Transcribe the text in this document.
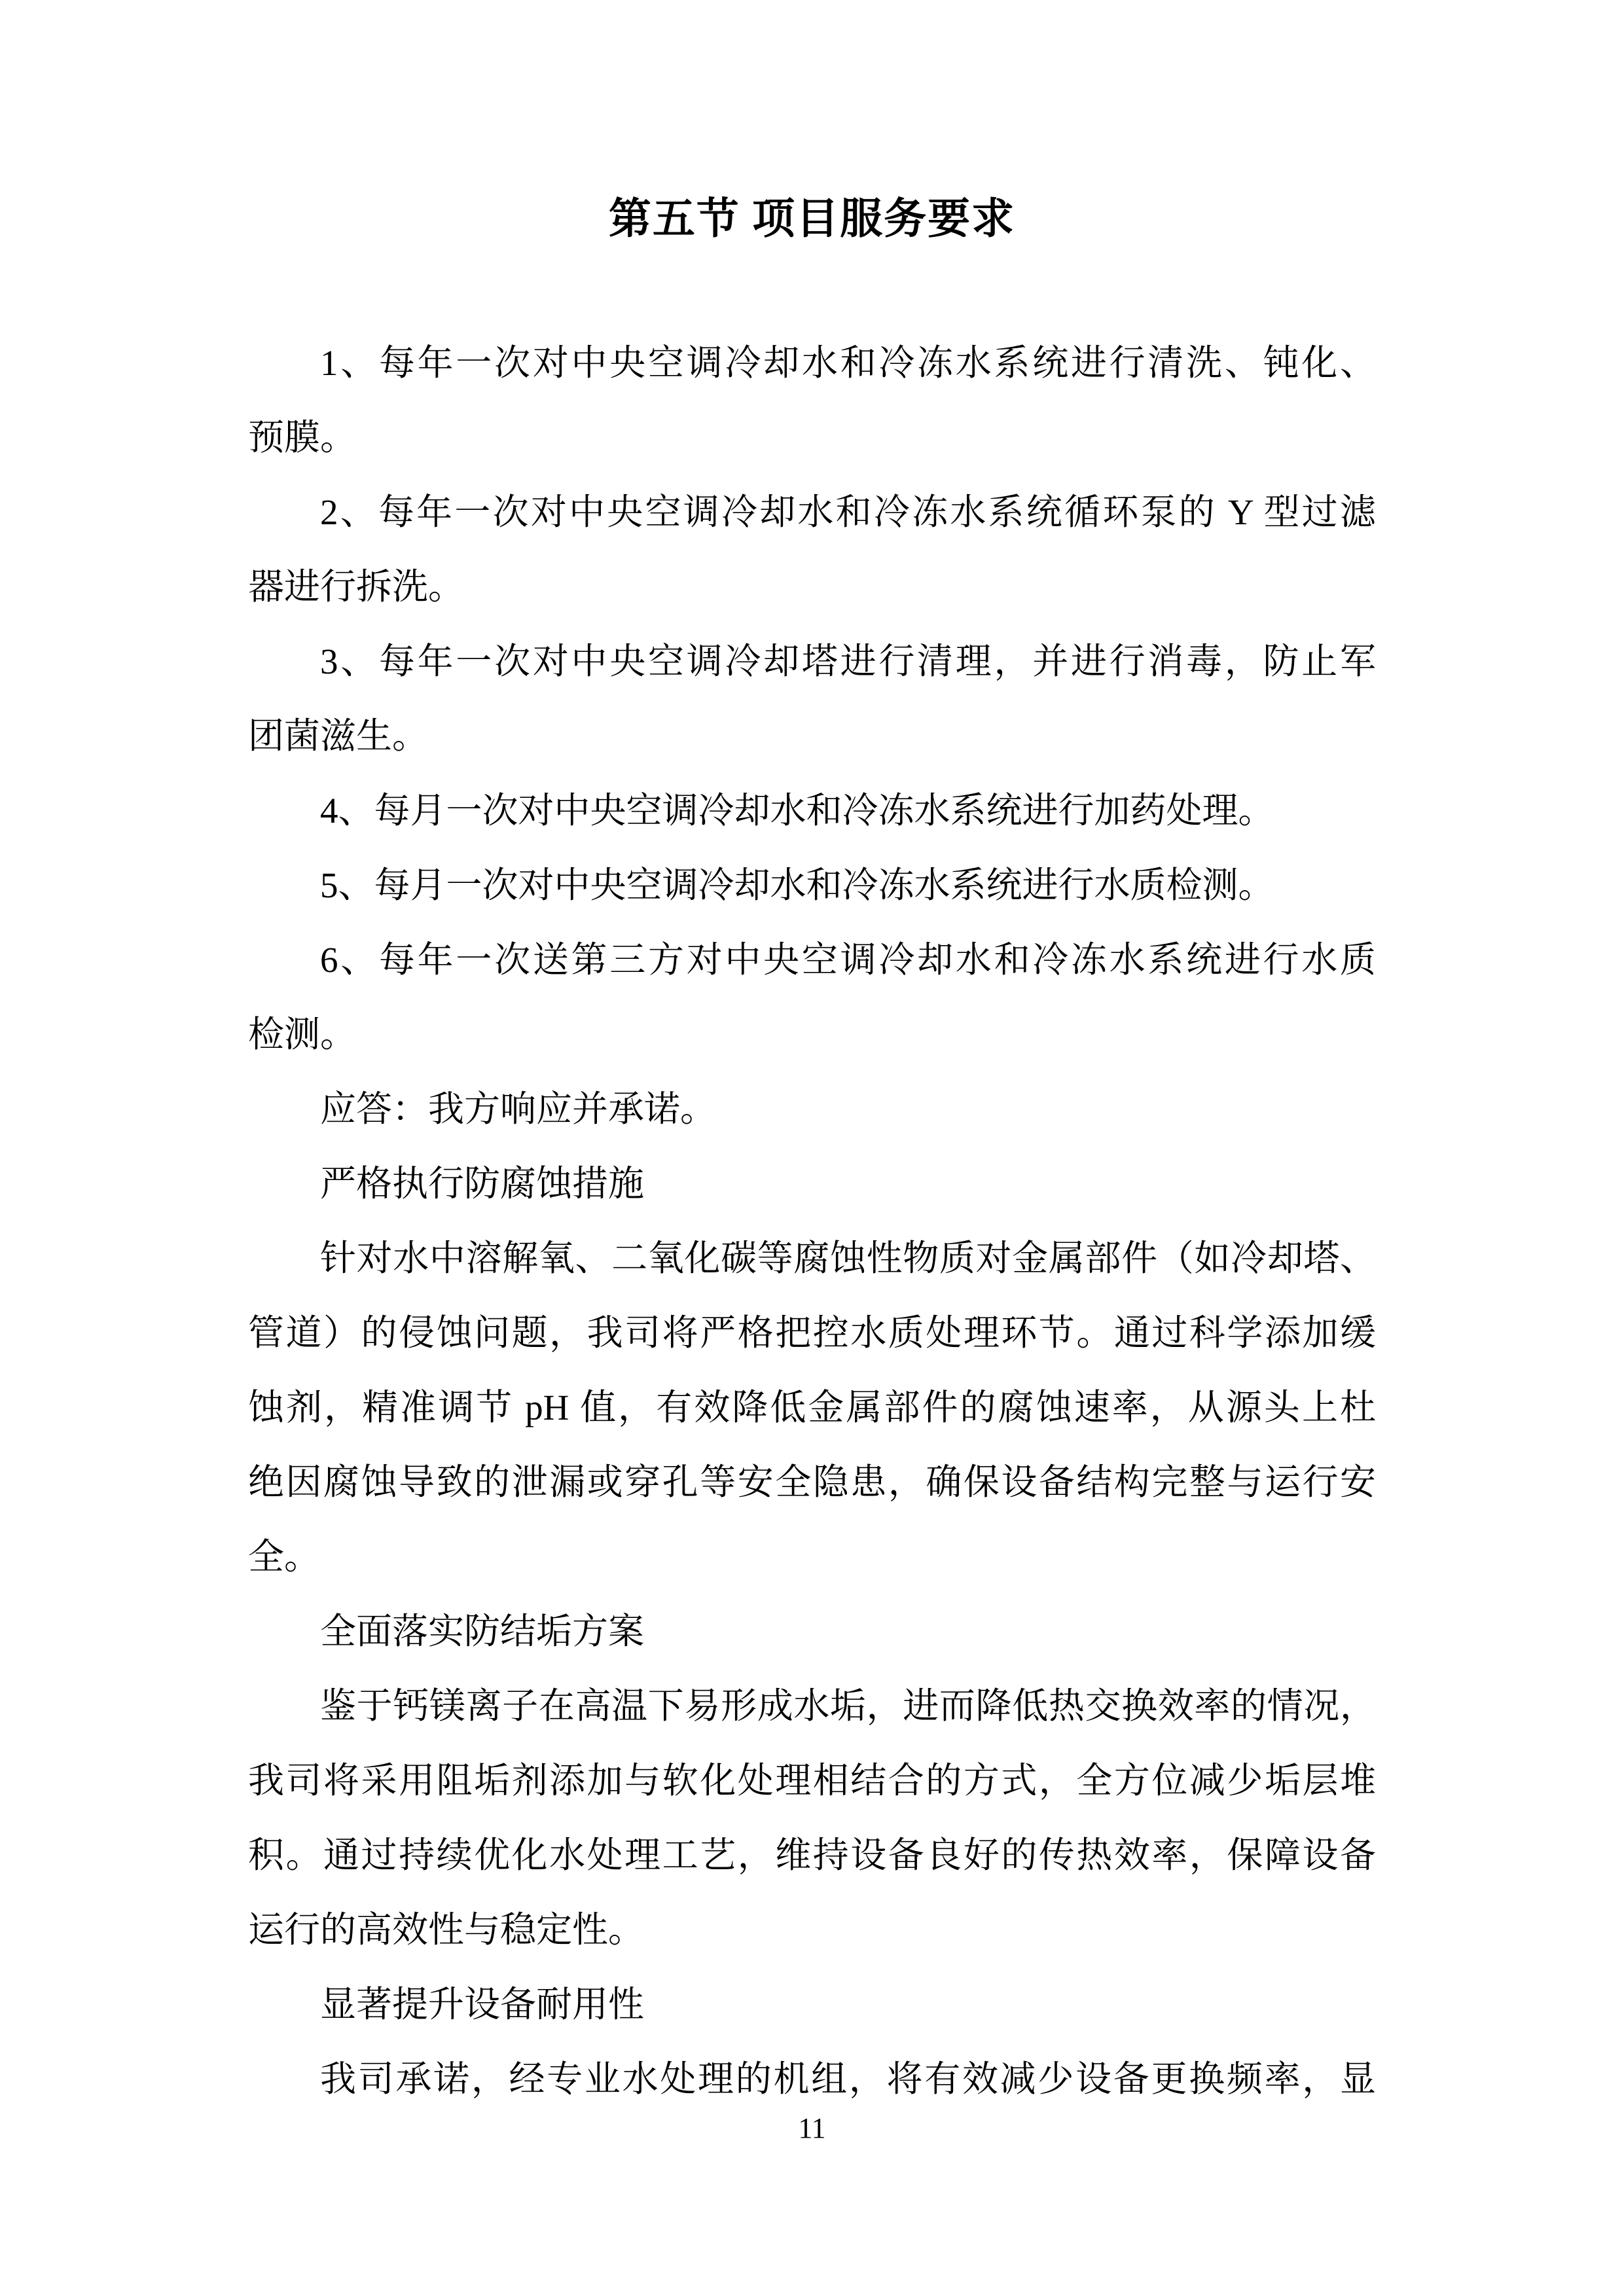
第五节 项目服务要求
1、每年一次对中央空调冷却水和冷冻水系统进行清洗、钝化、
预膜。
2、每年一次对中央空调冷却水和冷冻水系统循环泵的 Y 型过滤
器进行拆洗。
3、每年一次对中央空调冷却塔进行清理，并进行消毒，防止军
团菌滋生。
4、每月一次对中央空调冷却水和冷冻水系统进行加药处理。
5、每月一次对中央空调冷却水和冷冻水系统进行水质检测。
6、每年一次送第三方对中央空调冷却水和冷冻水系统进行水质
检测。
应答：我方响应并承诺。
严格执行防腐蚀措施
针对水中溶解氧、二氧化碳等腐蚀性物质对金属部件（如冷却塔、
管道）的侵蚀问题，我司将严格把控水质处理环节。通过科学添加缓
蚀剂，精准调节 pH 值，有效降低金属部件的腐蚀速率，从源头上杜
绝因腐蚀导致的泄漏或穿孔等安全隐患，确保设备结构完整与运行安
全。
全面落实防结垢方案
鉴于钙镁离子在高温下易形成水垢，进而降低热交换效率的情况，
我司将采用阻垢剂添加与软化处理相结合的方式，全方位减少垢层堆
积。通过持续优化水处理工艺，维持设备良好的传热效率，保障设备
运行的高效性与稳定性。
显著提升设备耐用性
我司承诺，经专业水处理的机组，将有效减少设备更换频率，显
11
